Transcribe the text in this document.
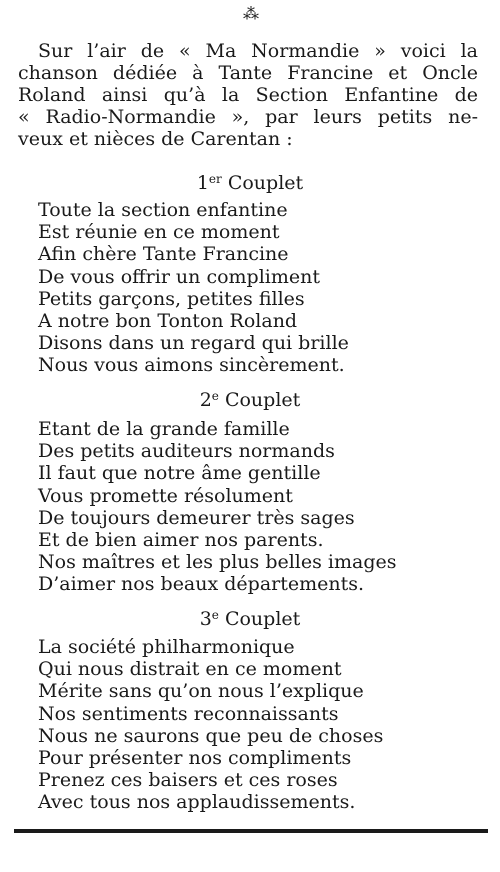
⁂
Sur l’air de « Ma Normandie » voici la
chanson dédiée à Tante Francine et Oncle
Roland ainsi qu’à la Section Enfantine de
« Radio-Normandie », par leurs petits ne-
veux et nièces de Carentan :
1er Couplet
Toute la section enfantine
Est réunie en ce moment
Afin chère Tante Francine
De vous offrir un compliment
Petits garçons, petites filles
A notre bon Tonton Roland
Disons dans un regard qui brille
Nous vous aimons sincèrement.
2e Couplet
Etant de la grande famille
Des petits auditeurs normands
Il faut que notre âme gentille
Vous promette résolument
De toujours demeurer très sages
Et de bien aimer nos parents.
Nos maîtres et les plus belles images
D’aimer nos beaux départements.
3e Couplet
La société philharmonique
Qui nous distrait en ce moment
Mérite sans qu’on nous l’explique
Nos sentiments reconnaissants
Nous ne saurons que peu de choses
Pour présenter nos compliments
Prenez ces baisers et ces roses
Avec tous nos applaudissements.
